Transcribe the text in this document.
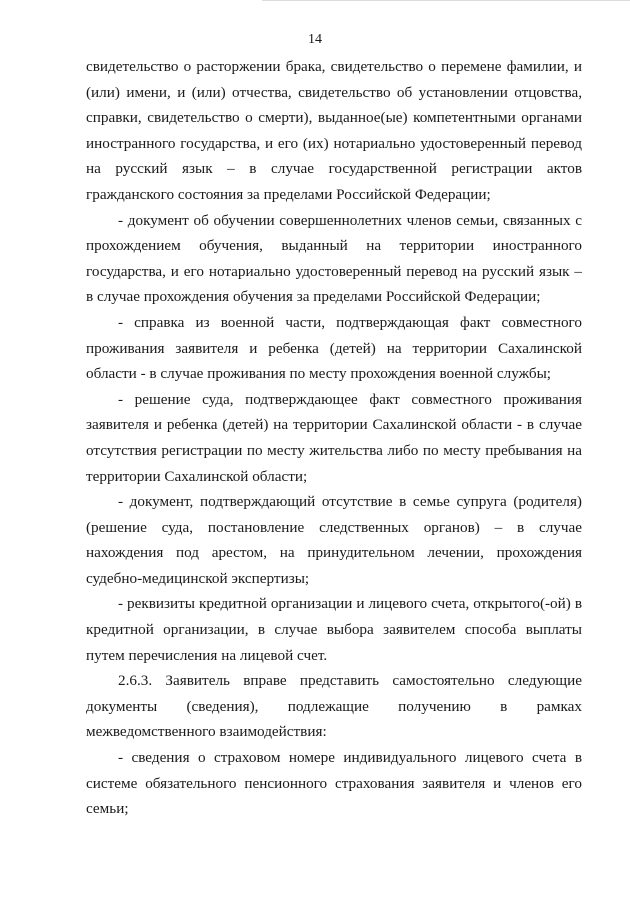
14

свидетельство о расторжении брака, свидетельство о перемене фамилии, и (или) имени, и (или) отчества, свидетельство об установлении отцовства, справки, свидетельство о смерти), выданное(ые) компетентными органами иностранного государства, и его (их) нотариально удостоверенный перевод на русский язык – в случае государственной регистрации актов гражданского состояния за пределами Российской Федерации;

- документ об обучении совершеннолетних членов семьи, связанных с прохождением обучения, выданный на территории иностранного государства, и его нотариально удостоверенный перевод на русский язык – в случае прохождения обучения за пределами Российской Федерации;

- справка из военной части, подтверждающая факт совместного проживания заявителя и ребенка (детей) на территории Сахалинской области - в случае проживания по месту прохождения военной службы;

- решение суда, подтверждающее факт совместного проживания заявителя и ребенка (детей) на территории Сахалинской области - в случае отсутствия регистрации по месту жительства либо по месту пребывания на территории Сахалинской области;

- документ, подтверждающий отсутствие в семье супруга (родителя) (решение суда, постановление следственных органов) – в случае нахождения под арестом, на принудительном лечении, прохождения судебно-медицинской экспертизы;

- реквизиты кредитной организации и лицевого счета, открытого(-ой) в кредитной организации, в случае выбора заявителем способа выплаты путем перечисления на лицевой счет.

2.6.3. Заявитель вправе представить самостоятельно следующие документы (сведения), подлежащие получению в рамках межведомственного взаимодействия:

- сведения о страховом номере индивидуального лицевого счета в системе обязательного пенсионного страхования заявителя и членов его семьи;
